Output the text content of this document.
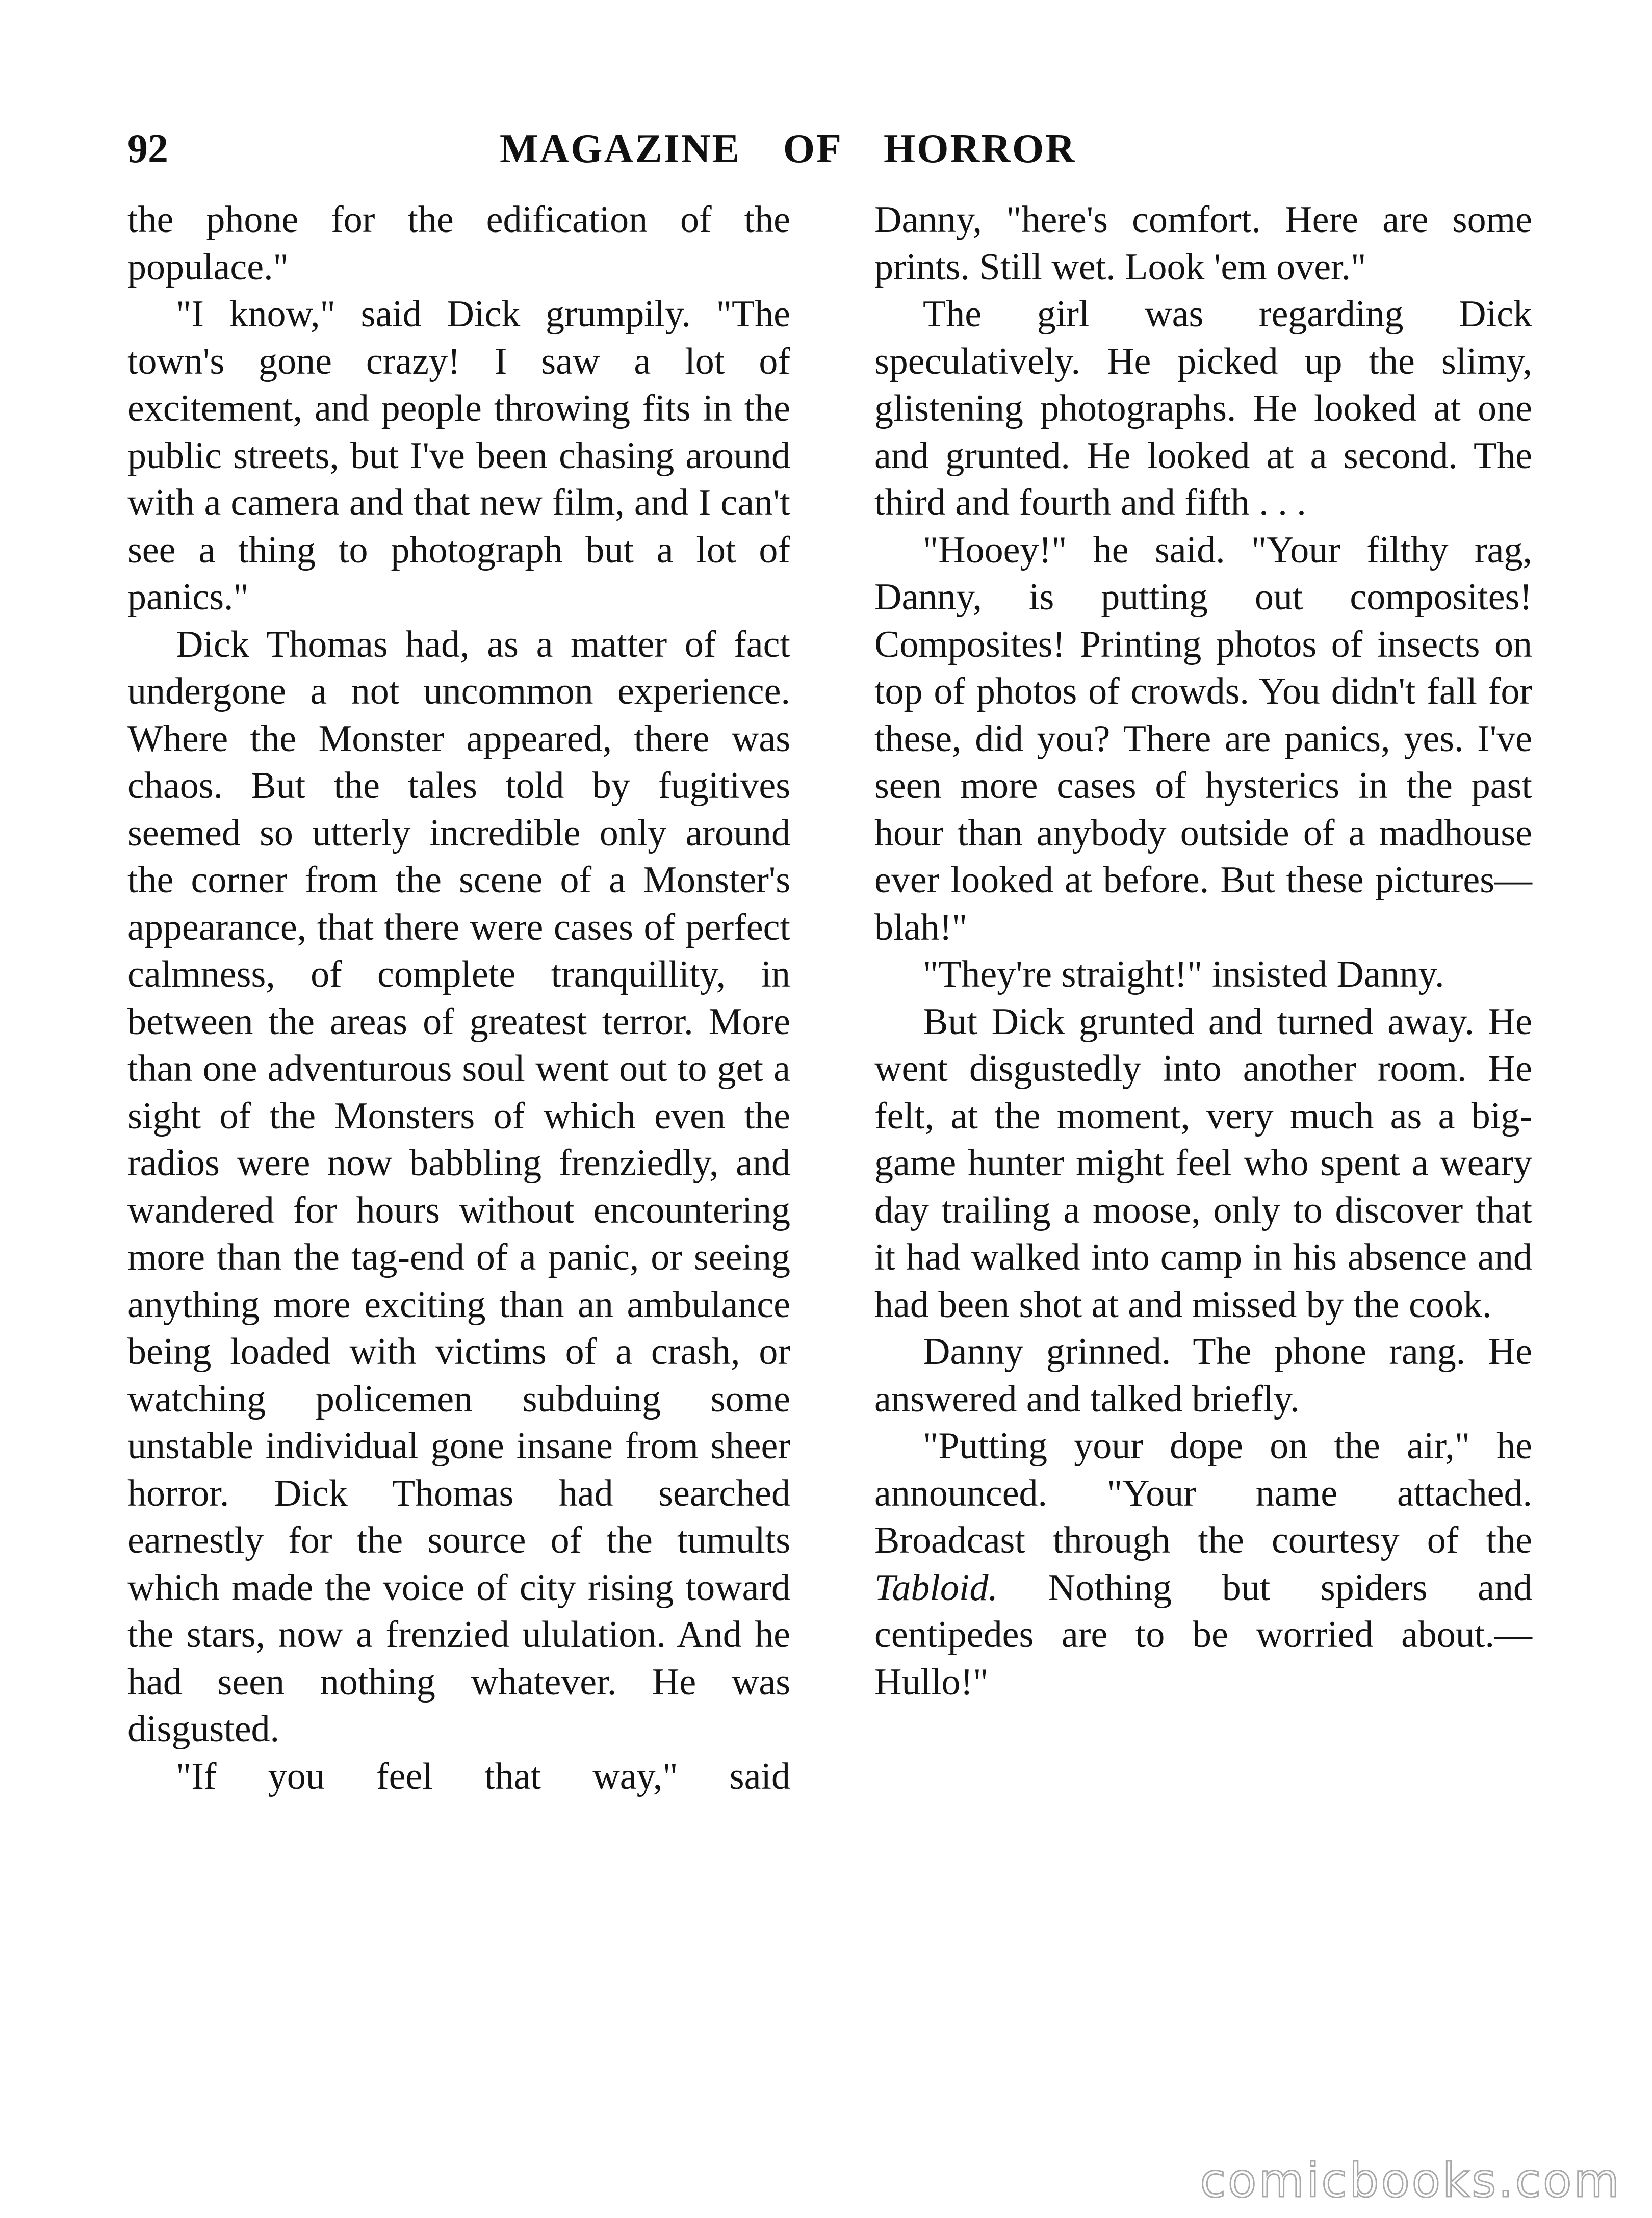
92	MAGAZINE OF HORROR

the phone for the edification of the populace."

"I know," said Dick grumpily. "The town's gone crazy! I saw a lot of excitement, and people throwing fits in the public streets, but I've been chasing around with a camera and that new film, and I can't see a thing to photograph but a lot of panics."

Dick Thomas had, as a matter of fact undergone a not uncommon experience. Where the Monster appeared, there was chaos. But the tales told by fugitives seemed so utterly incredible only around the corner from the scene of a Monster's appearance, that there were cases of perfect calmness, of complete tranquillity, in between the areas of greatest terror. More than one adventurous soul went out to get a sight of the Monsters of which even the radios were now babbling frenziedly, and wandered for hours without encountering more than the tag-end of a panic, or seeing anything more exciting than an ambulance being loaded with victims of a crash, or watching policemen subduing some unstable individual gone insane from sheer horror. Dick Thomas had searched earnestly for the source of the tumults which made the voice of city rising toward the stars, now a frenzied ululation. And he had seen nothing whatever. He was disgusted.

"If you feel that way," said

Danny, "here's comfort. Here are some prints. Still wet. Look 'em over."

The girl was regarding Dick speculatively. He picked up the slimy, glistening photographs. He looked at one and grunted. He looked at a second. The third and fourth and fifth . . .

"Hooey!" he said. "Your filthy rag, Danny, is putting out composites! Composites! Printing photos of insects on top of photos of crowds. You didn't fall for these, did you? There are panics, yes. I've seen more cases of hysterics in the past hour than anybody outside of a madhouse ever looked at before. But these pictures—blah!"

"They're straight!" insisted Danny.

But Dick grunted and turned away. He went disgustedly into another room. He felt, at the moment, very much as a big-game hunter might feel who spent a weary day trailing a moose, only to discover that it had walked into camp in his absence and had been shot at and missed by the cook.

Danny grinned. The phone rang. He answered and talked briefly.

"Putting your dope on the air," he announced. "Your name attached. Broadcast through the courtesy of the Tabloid. Nothing but spiders and centipedes are to be worried about.—Hullo!"

comicbooks.com
